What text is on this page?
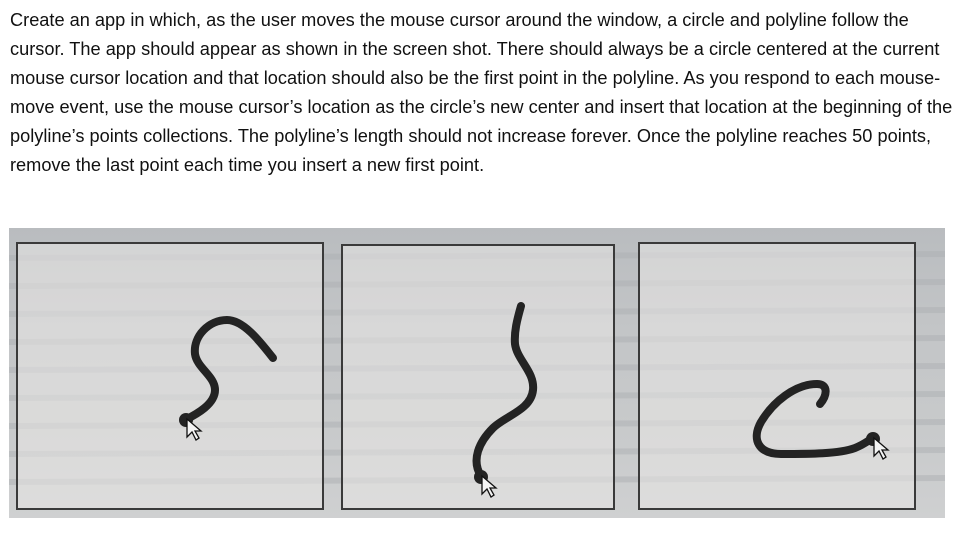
Create an app in which, as the user moves the mouse cursor around the window, a circle and polyline follow the cursor. The app should appear as shown in the screen shot. There should always be a circle centered at the current mouse cursor location and that location should also be the first point in the polyline. As you respond to each mouse-move event, use the mouse cursor’s location as the circle’s new center and insert that location at the beginning of the polyline’s points collections. The polyline’s length should not increase forever. Once the polyline reaches 50 points, remove the last point each time you insert a new first point.
